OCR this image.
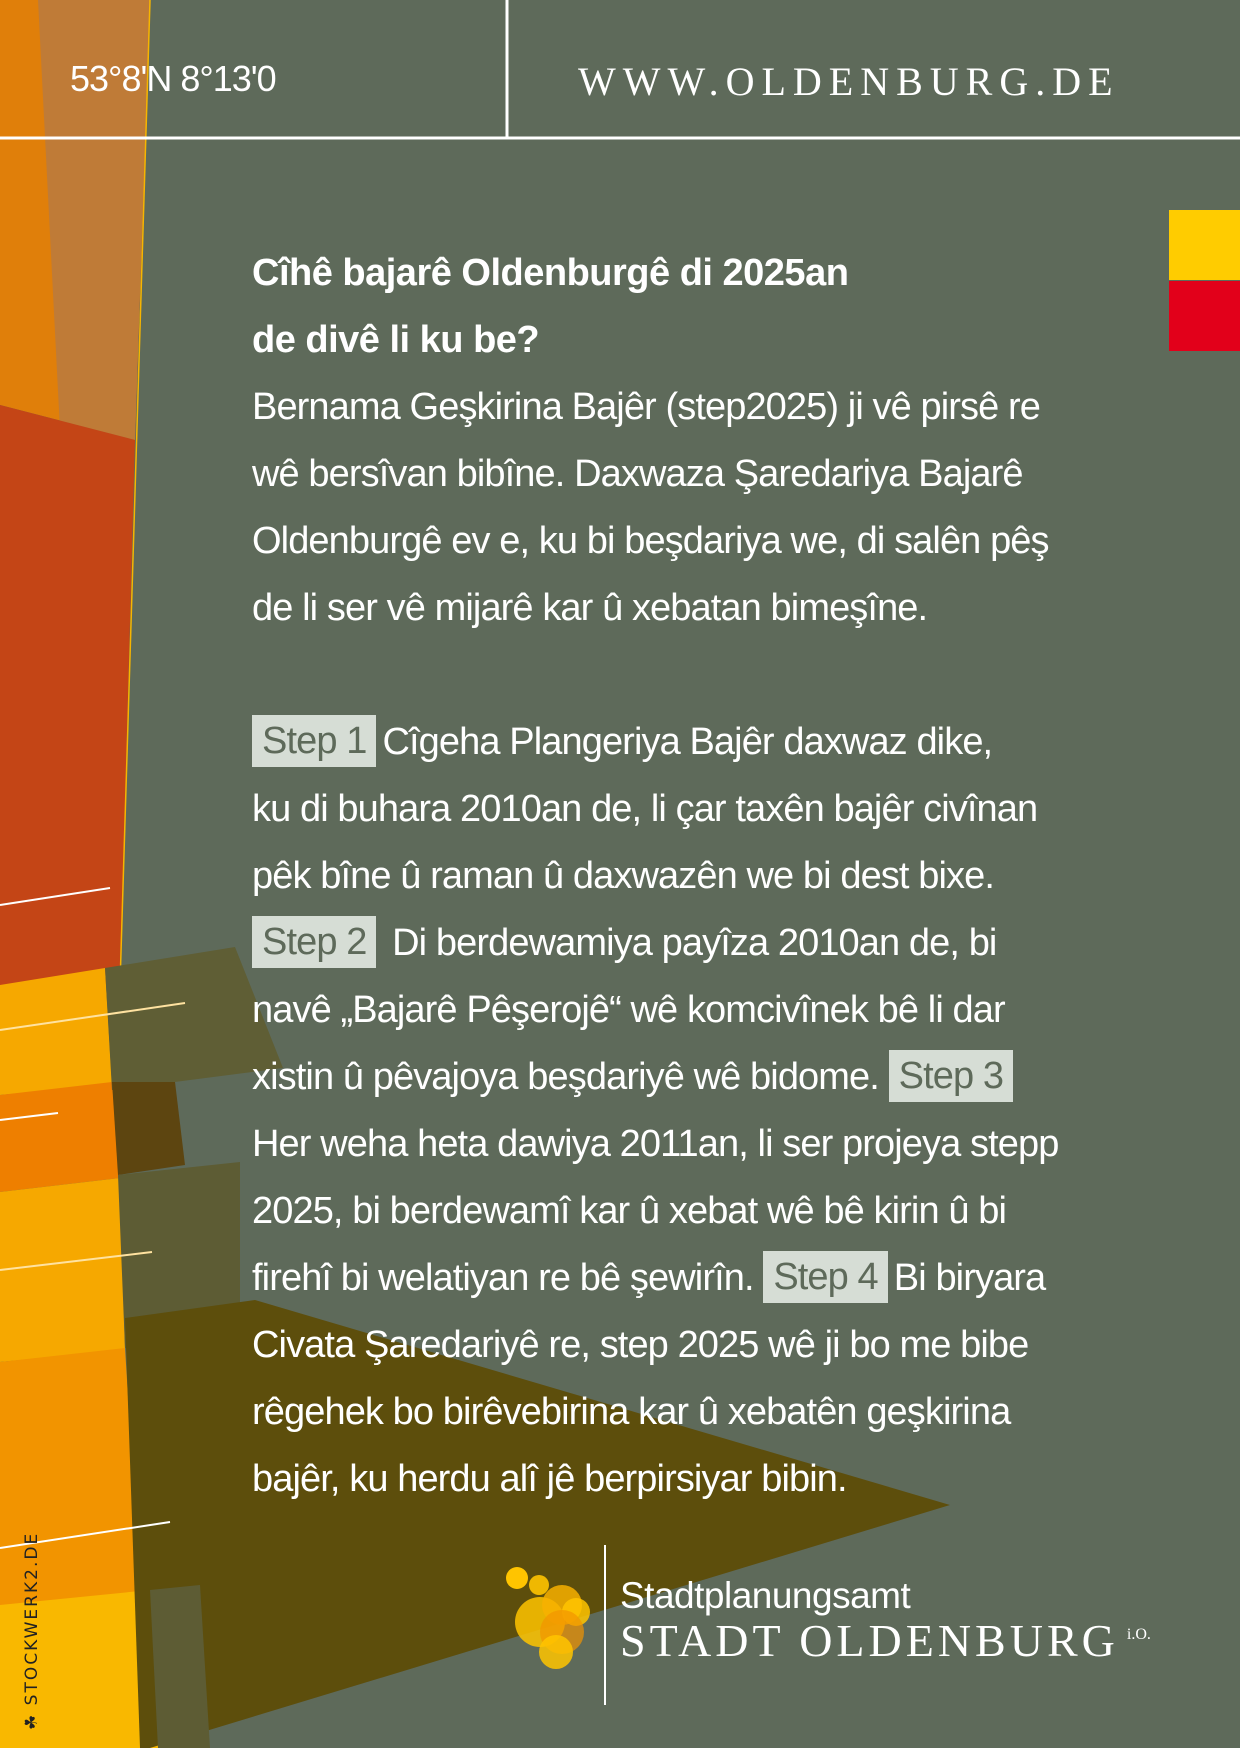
53°8'N 8°13'0	WWW.OLDENBURG.DE
Cîhê bajarê Oldenburgê di 2025an
de divê li ku be?
Bernama Geşkirina Bajêr (step2025) ji vê pirsê re
wê bersîvan bibîne. Daxwaza Şaredariya Bajarê
Oldenburgê ev e, ku bi beşdariya we, di salên pêş
de li ser vê mijarê kar û xebatan bimeşîne.
Step 1 Cîgeha Plangeriya Bajêr daxwaz dike,
ku di buhara 2010an de, li çar taxên bajêr civînan
pêk bîne û raman û daxwazên we bi dest bixe.
Step 2 Di berdewamiya payîza 2010an de, bi
navê „Bajarê Pêşerojê“ wê komcivînek bê li dar
xistin û pêvajoya beşdariyê wê bidome. Step 3
Her weha heta dawiya 2011an, li ser projeya stepp
2025, bi berdewamî kar û xebat wê bê kirin û bi
firehî bi welatiyan re bê şewirîn. Step 4 Bi biryara
Civata Şaredariyê re, step 2025 wê ji bo me bibe
rêgehek bo birêvebirina kar û xebatên geşkirina
bajêr, ku herdu alî jê berpirsiyar bibin.
Stadtplanungsamt
STADT OLDENBURG $^{i.O.}$
☘ STOCKWERK2.DE
